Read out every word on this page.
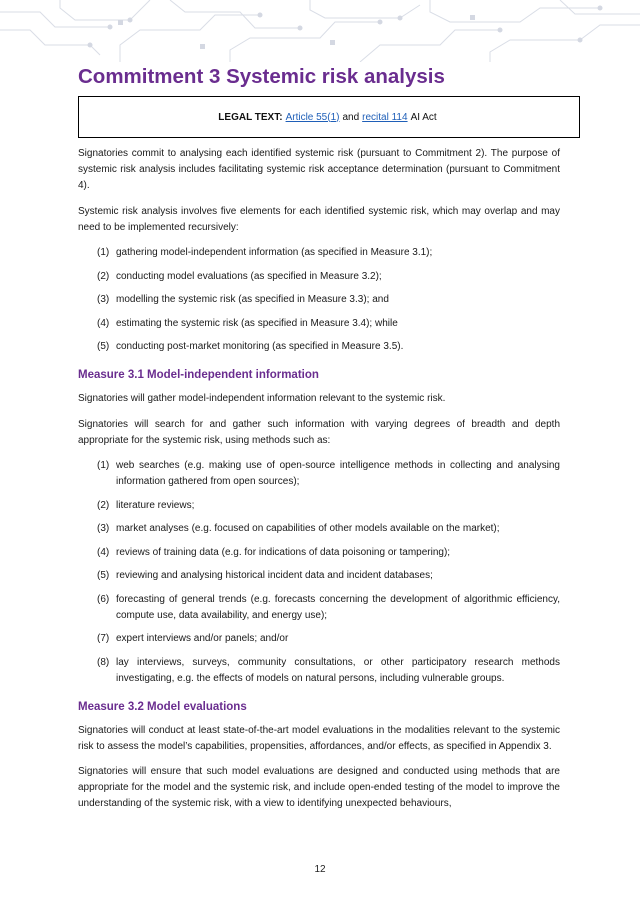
Commitment 3 Systemic risk analysis
LEGAL TEXT: Article 55(1) and recital 114 AI Act

Signatories commit to analysing each identified systemic risk (pursuant to Commitment 2). The purpose of systemic risk analysis includes facilitating systemic risk acceptance determination (pursuant to Commitment 4).

Systemic risk analysis involves five elements for each identified systemic risk, which may overlap and may need to be implemented recursively:

(1) gathering model-independent information (as specified in Measure 3.1);
(2) conducting model evaluations (as specified in Measure 3.2);
(3) modelling the systemic risk (as specified in Measure 3.3); and
(4) estimating the systemic risk (as specified in Measure 3.4); while
(5) conducting post-market monitoring (as specified in Measure 3.5).
Measure 3.1 Model-independent information

Signatories will gather model-independent information relevant to the systemic risk.

Signatories will search for and gather such information with varying degrees of breadth and depth appropriate for the systemic risk, using methods such as:

(1) web searches (e.g. making use of open-source intelligence methods in collecting and analysing information gathered from open sources);
(2) literature reviews;
(3) market analyses (e.g. focused on capabilities of other models available on the market);
(4) reviews of training data (e.g. for indications of data poisoning or tampering);
(5) reviewing and analysing historical incident data and incident databases;
(6) forecasting of general trends (e.g. forecasts concerning the development of algorithmic efficiency, compute use, data availability, and energy use);
(7) expert interviews and/or panels; and/or
(8) lay interviews, surveys, community consultations, or other participatory research methods investigating, e.g. the effects of models on natural persons, including vulnerable groups.
Measure 3.2 Model evaluations

Signatories will conduct at least state-of-the-art model evaluations in the modalities relevant to the systemic risk to assess the model’s capabilities, propensities, affordances, and/or effects, as specified in Appendix 3.

Signatories will ensure that such model evaluations are designed and conducted using methods that are appropriate for the model and the systemic risk, and include open-ended testing of the model to improve the understanding of the systemic risk, with a view to identifying unexpected behaviours,

12
